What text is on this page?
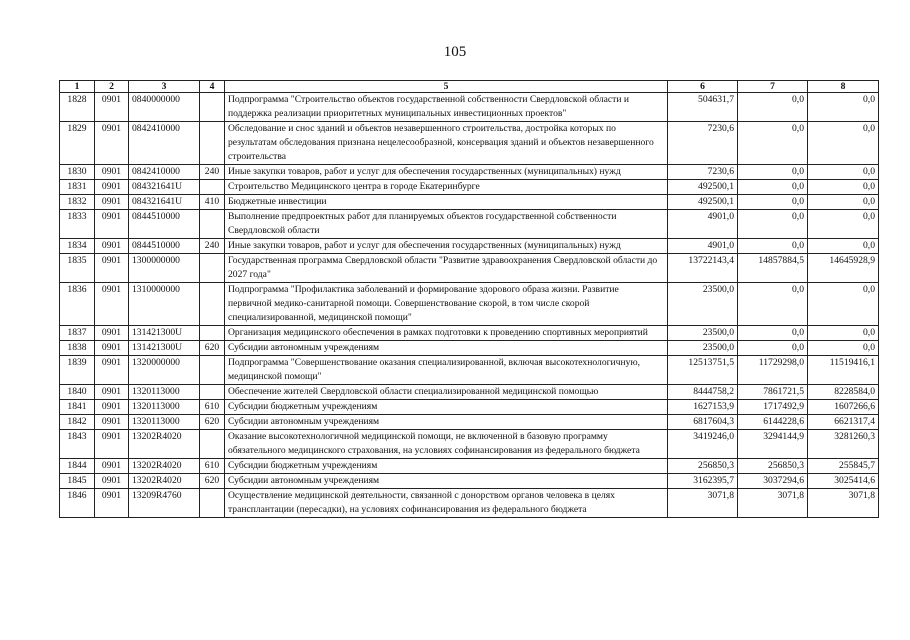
105
1	2	3	4	5	6	7	8
1828	0901	0840000000		Подпрограмма "Строительство объектов государственной собственности Свердловской области и поддержка реализации приоритетных муниципальных инвестиционных проектов"	504631,7	0,0	0,0
1829	0901	0842410000		Обследование и снос зданий и объектов незавершенного строительства, достройка которых по результатам обследования признана нецелесообразной, консервация зданий и объектов незавершенного строительства	7230,6	0,0	0,0
1830	0901	0842410000	240	Иные закупки товаров, работ и услуг для обеспечения государственных (муниципальных) нужд	7230,6	0,0	0,0
1831	0901	084321641U		Строительство Медицинского центра в городе Екатеринбурге	492500,1	0,0	0,0
1832	0901	084321641U	410	Бюджетные инвестиции	492500,1	0,0	0,0
1833	0901	0844510000		Выполнение предпроектных работ для планируемых объектов государственной собственности Свердловской области	4901,0	0,0	0,0
1834	0901	0844510000	240	Иные закупки товаров, работ и услуг для обеспечения государственных (муниципальных) нужд	4901,0	0,0	0,0
1835	0901	1300000000		Государственная программа Свердловской области "Развитие здравоохранения Свердловской области до 2027 года"	13722143,4	14857884,5	14645928,9
1836	0901	1310000000		Подпрограмма "Профилактика заболеваний и формирование здорового образа жизни. Развитие первичной медико-санитарной помощи. Совершенствование скорой, в том числе скорой специализированной, медицинской помощи"	23500,0	0,0	0,0
1837	0901	131421300U		Организация медицинского обеспечения в рамках подготовки к проведению спортивных мероприятий	23500,0	0,0	0,0
1838	0901	131421300U	620	Субсидии автономным учреждениям	23500,0	0,0	0,0
1839	0901	1320000000		Подпрограмма "Совершенствование оказания специализированной, включая высокотехнологичную, медицинской помощи"	12513751,5	11729298,0	11519416,1
1840	0901	1320113000		Обеспечение жителей Свердловской области специализированной медицинской помощью	8444758,2	7861721,5	8228584,0
1841	0901	1320113000	610	Субсидии бюджетным учреждениям	1627153,9	1717492,9	1607266,6
1842	0901	1320113000	620	Субсидии автономным учреждениям	6817604,3	6144228,6	6621317,4
1843	0901	13202R4020		Оказание высокотехнологичной медицинской помощи, не включенной в базовую программу обязательного медицинского страхования, на условиях софинансирования из федерального бюджета	3419246,0	3294144,9	3281260,3
1844	0901	13202R4020	610	Субсидии бюджетным учреждениям	256850,3	256850,3	255845,7
1845	0901	13202R4020	620	Субсидии автономным учреждениям	3162395,7	3037294,6	3025414,6
1846	0901	13209R4760		Осуществление медицинской деятельности, связанной с донорством органов человека в целях трансплантации (пересадки), на условиях софинансирования из федерального бюджета	3071,8	3071,8	3071,8
